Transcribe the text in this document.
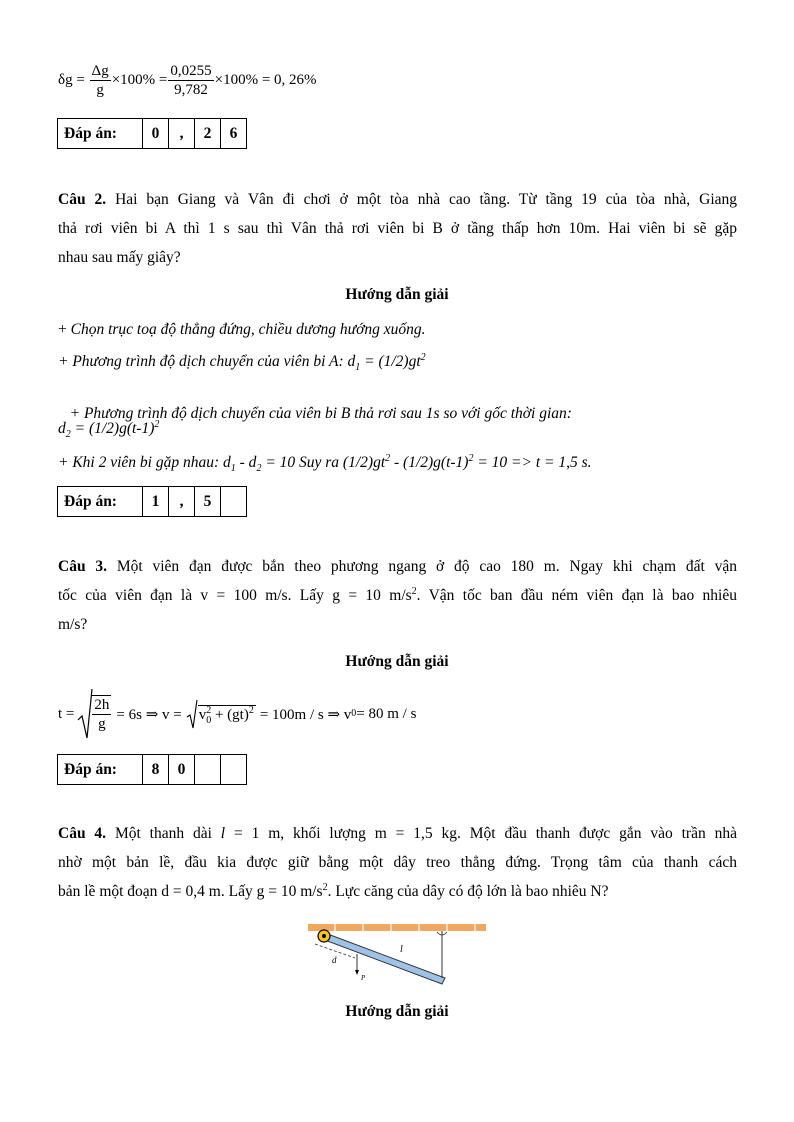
$\delta g = \frac{\Delta g}{g} \times 100\% = \frac{0,0255}{9,782} \times 100\% = 0$, 26%
Đáp án:	0	,	2	6
Câu 2. Hai bạn Giang và Vân đi chơi ở một tòa nhà cao tầng. Từ tầng 19 của tòa nhà, Giang
thả rơi viên bi A thì 1 s sau thì Vân thả rơi viên bi B ở tầng thấp hơn 10m. Hai viên bi sẽ gặp
nhau sau mấy giây?
Hướng dẫn giải
+ Chọn trục toạ độ thẳng đứng, chiều dương hướng xuống.
+ Phương trình độ dịch chuyển của viên bi A: $d_1 = (1/2)gt^2$

+ Phương trình độ dịch chuyển của viên bi B thả rơi sau 1s so với gốc thời gian:

$d_2 = (1/2)g(t-1)^2$
+ Khi 2 viên bi gặp nhau: $d_1 - d_2 = 10$ Suy ra $(1/2)gt^2 - (1/2)g(t-1)^2 = 10 => t = 1,5$ s.
Đáp án:	1	,	5	
Câu 3. Một viên đạn được bắn theo phương ngang ở độ cao 180 m. Ngay khi chạm đất vận
tốc của viên đạn là v = 100 m/s. Lấy g = 10 $m/s^2$. Vận tốc ban đầu ném viên đạn là bao nhiêu
m/s?
Hướng dẫn giải
$t = \frac{2h}{g} = 6s$ ⇒ $v = v_0^2 + (gt)^2 = 100m / s$ ⇒ v 0 = 80 m / s
Đáp án:	8	0		
Câu 4. Một thanh dài l = 1 m, khối lượng m = 1,5 kg. Một đầu thanh được gắn vào trần nhà
nhờ một bản lề, đầu kia được giữ bằng một dây treo thẳng đứng. Trọng tâm của thanh cách
bản lề một đoạn d = 0,4 m. Lấy g = 10 $m/s^2$. Lực căng của dây có độ lớn là bao nhiêu N?
d
l
P
Hướng dẫn giải
